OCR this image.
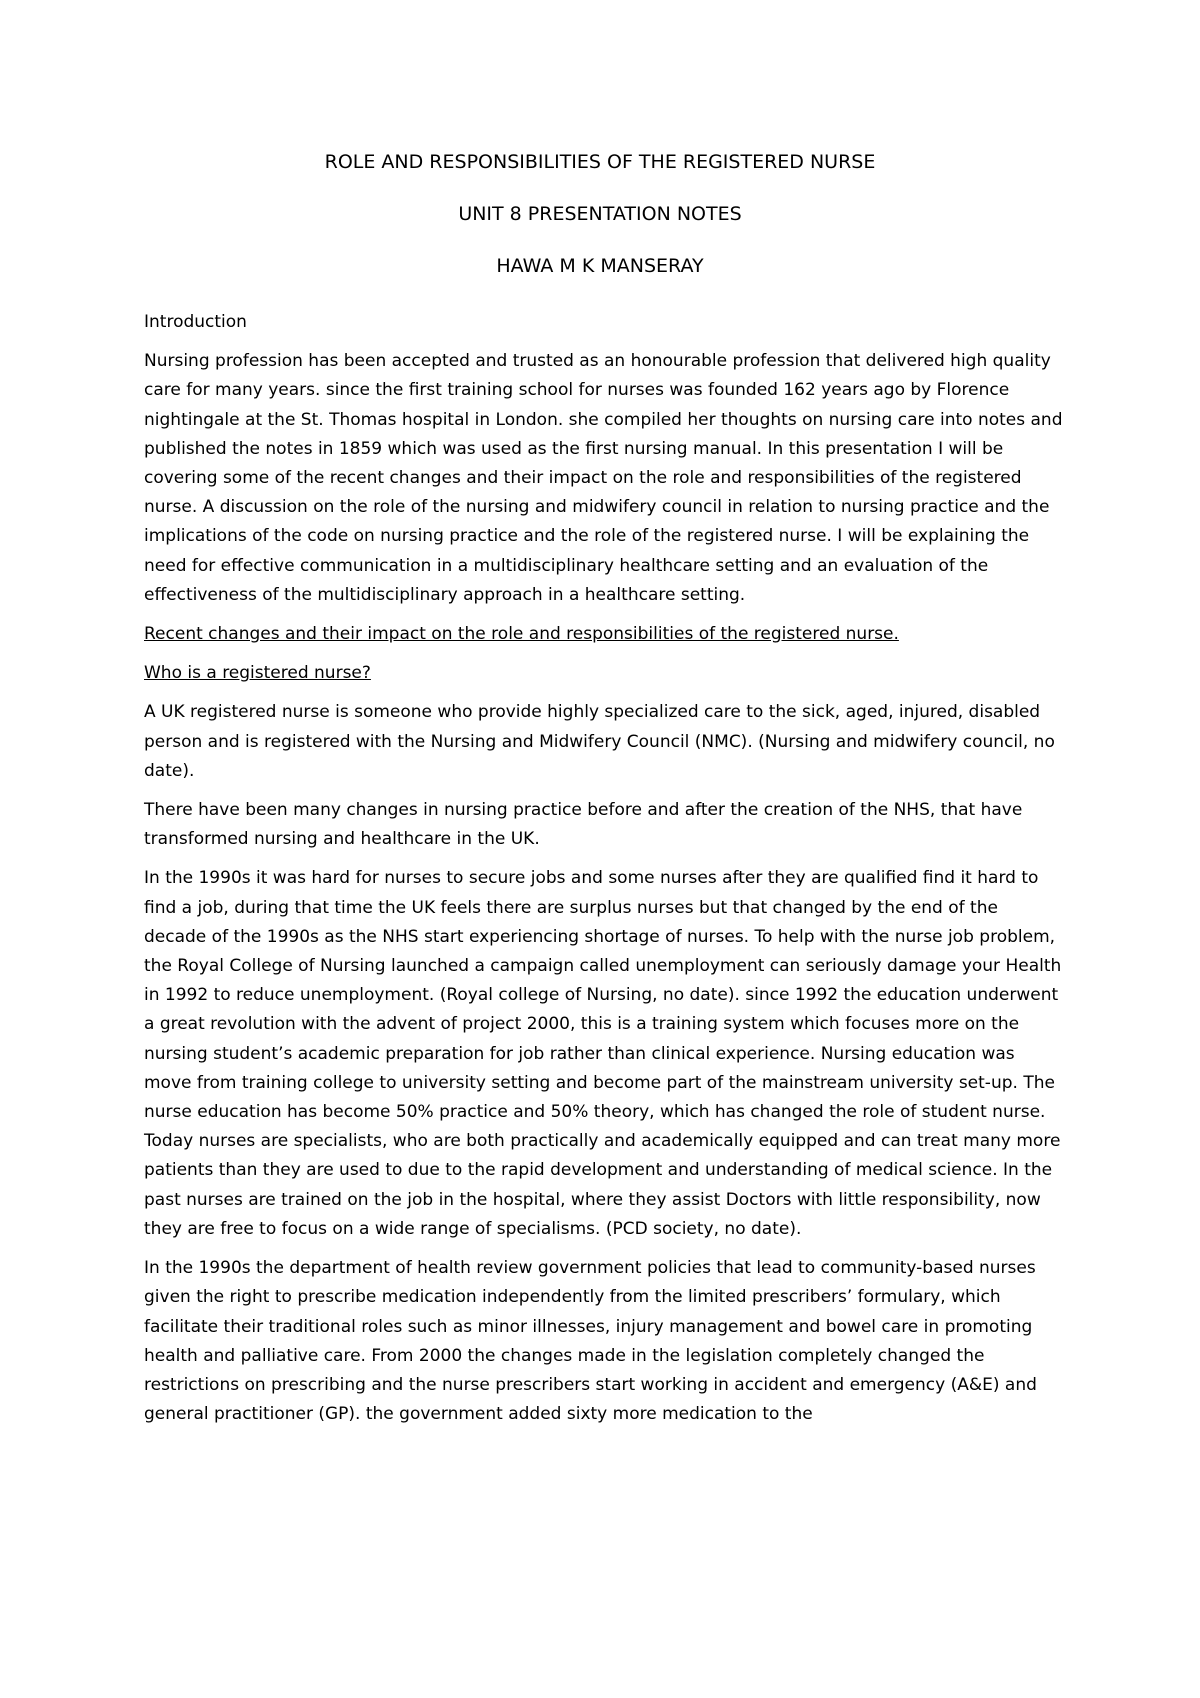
ROLE AND RESPONSIBILITIES OF THE REGISTERED NURSE
UNIT 8 PRESENTATION NOTES
HAWA M K MANSERAY

Introduction

Nursing profession has been accepted and trusted as an honourable profession that delivered high quality care for many years. since the first training school for nurses was founded 162 years ago by Florence nightingale at the St. Thomas hospital in London. she compiled her thoughts on nursing care into notes and published the notes in 1859 which was used as the first nursing manual. In this presentation I will be covering some of the recent changes and their impact on the role and responsibilities of the registered nurse. A discussion on the role of the nursing and midwifery council in relation to nursing practice and the implications of the code on nursing practice and the role of the registered nurse. I will be explaining the need for effective communication in a multidisciplinary healthcare setting and an evaluation of the effectiveness of the multidisciplinary approach in a healthcare setting.

Recent changes and their impact on the role and responsibilities of the registered nurse.

Who is a registered nurse?

A UK registered nurse is someone who provide highly specialized care to the sick, aged, injured, disabled person and is registered with the Nursing and Midwifery Council (NMC). (Nursing and midwifery council, no date).

There have been many changes in nursing practice before and after the creation of the NHS, that have transformed nursing and healthcare in the UK.

In the 1990s it was hard for nurses to secure jobs and some nurses after they are qualified find it hard to find a job, during that time the UK feels there are surplus nurses but that changed by the end of the decade of the 1990s as the NHS start experiencing shortage of nurses. To help with the nurse job problem, the Royal College of Nursing launched a campaign called unemployment can seriously damage your Health in 1992 to reduce unemployment. (Royal college of Nursing, no date). since 1992 the education underwent a great revolution with the advent of project 2000, this is a training system which focuses more on the nursing student’s academic preparation for job rather than clinical experience. Nursing education was move from training college to university setting and become part of the mainstream university set-up. The nurse education has become 50% practice and 50% theory, which has changed the role of student nurse. Today nurses are specialists, who are both practically and academically equipped and can treat many more patients than they are used to due to the rapid development and understanding of medical science. In the past nurses are trained on the job in the hospital, where they assist Doctors with little responsibility, now they are free to focus on a wide range of specialisms. (PCD society, no date).

In the 1990s the department of health review government policies that lead to community-based nurses given the right to prescribe medication independently from the limited prescribers’ formulary, which facilitate their traditional roles such as minor illnesses, injury management and bowel care in promoting health and palliative care. From 2000 the changes made in the legislation completely changed the restrictions on prescribing and the nurse prescribers start working in accident and emergency (A&E) and general practitioner (GP). the government added sixty more medication to the
